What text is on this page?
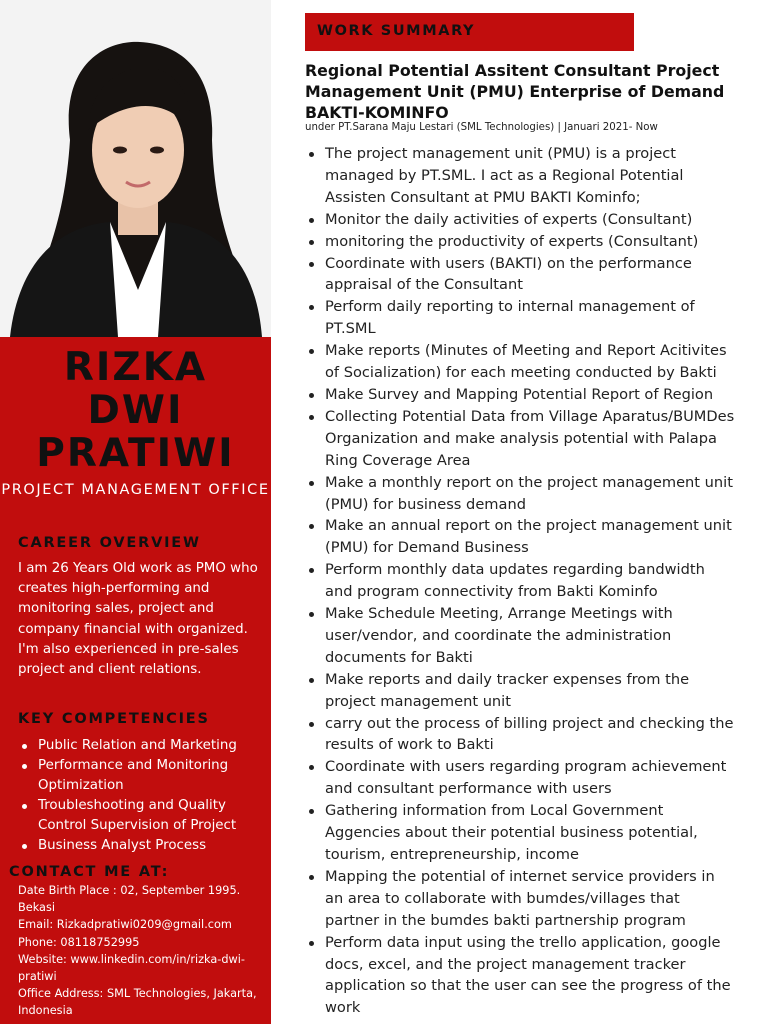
RIZKA
DWI
PRATIWI
PROJECT MANAGEMENT OFFICE
CAREER OVERVIEW
I am 26 Years Old work as PMO who creates high-performing and monitoring sales, project and company financial with organized. I'm also experienced in pre-sales project and client relations.
KEY COMPETENCIES
Public Relation and Marketing
Performance and Monitoring Optimization
Troubleshooting and Quality Control Supervision of Project
Business Analyst Process
CONTACT ME AT:
Date Birth Place : 02, September 1995. Bekasi
Email: Rizkadpratiwi0209@gmail.com
Phone: 08118752995
Website: www.linkedin.com/in/rizka-dwi-pratiwi
Office Address: SML Technologies, Jakarta, Indonesia
WORK SUMMARY
Regional Potential Assitent Consultant Project Management Unit (PMU) Enterprise of Demand BAKTI-KOMINFO
under PT.Sarana Maju Lestari (SML Technologies) | Januari 2021- Now
The project management unit (PMU) is a project managed by PT.SML. I act as a Regional Potential Assisten Consultant at PMU BAKTI Kominfo;
Monitor the daily activities of experts (Consultant)
monitoring the productivity of experts (Consultant)
Coordinate with users (BAKTI) on the performance appraisal of the Consultant
Perform daily reporting to internal management of PT.SML
Make reports (Minutes of Meeting and Report Acitivites of Socialization) for each meeting conducted by Bakti
Make Survey and Mapping Potential Report of Region
Collecting Potential Data from Village Aparatus/BUMDes Organization and make analysis potential with Palapa Ring Coverage Area
Make a monthly report on the project management unit (PMU) for business demand
Make an annual report on the project management unit (PMU) for Demand Business
Perform monthly data updates regarding bandwidth and program connectivity from Bakti Kominfo
Make Schedule Meeting, Arrange Meetings with user/vendor, and coordinate the administration documents for Bakti
Make reports and daily tracker expenses from the project management unit
carry out the process of billing project and checking the results of work to Bakti
Coordinate with users regarding program achievement and consultant performance with users
Gathering information from Local Government Aggencies about their potential business potential, tourism, entrepreneurship, income
Mapping the potential of internet service providers in an area to collaborate with bumdes/villages that partner in the bumdes bakti partnership program
Perform data input using the trello application, google docs, excel, and the project management tracker application so that the user can see the progress of the work
